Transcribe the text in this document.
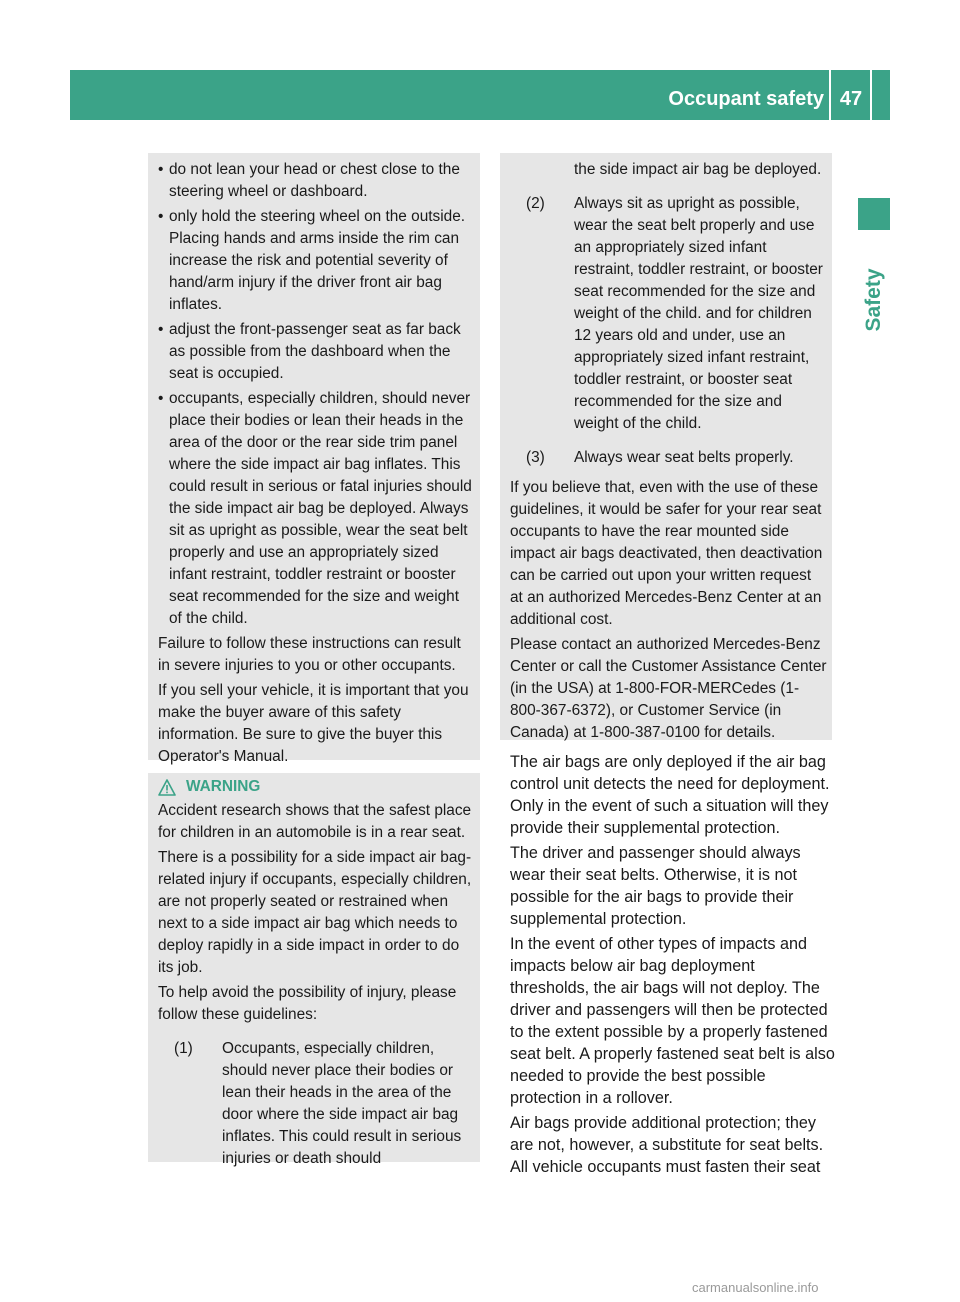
Occupant safety 47
Safety
• do not lean your head or chest close to the steering wheel or dashboard.
• only hold the steering wheel on the outside. Placing hands and arms inside the rim can increase the risk and potential severity of hand/arm injury if the driver front air bag inflates.
• adjust the front-passenger seat as far back as possible from the dashboard when the seat is occupied.
• occupants, especially children, should never place their bodies or lean their heads in the area of the door or the rear side trim panel where the side impact air bag inflates. This could result in serious or fatal injuries should the side impact air bag be deployed. Always sit as upright as possible, wear the seat belt properly and use an appropriately sized infant restraint, toddler restraint or booster seat recommended for the size and weight of the child.

Failure to follow these instructions can result in severe injuries to you or other occupants.

If you sell your vehicle, it is important that you make the buyer aware of this safety information. Be sure to give the buyer this Operator's Manual.

WARNING

Accident research shows that the safest place for children in an automobile is in a rear seat.

There is a possibility for a side impact air bag-related injury if occupants, especially children, are not properly seated or restrained when next to a side impact air bag which needs to deploy rapidly in a side impact in order to do its job.

To help avoid the possibility of injury, please follow these guidelines:

(1)	Occupants, especially children, should never place their bodies or lean their heads in the area of the door where the side impact air bag inflates. This could result in serious injuries or death should
the side impact air bag be deployed.
(2)	Always sit as upright as possible, wear the seat belt properly and use an appropriately sized infant restraint, toddler restraint, or booster seat recommended for the size and weight of the child. and for children 12 years old and under, use an appropriately sized infant restraint, toddler restraint, or booster seat recommended for the size and weight of the child.
(3)	Always wear seat belts properly.

If you believe that, even with the use of these guidelines, it would be safer for your rear seat occupants to have the rear mounted side impact air bags deactivated, then deactivation can be carried out upon your written request at an authorized Mercedes-Benz Center at an additional cost.

Please contact an authorized Mercedes-Benz Center or call the Customer Assistance Center (in the USA) at 1-800-FOR-MERCedes (1-800-367-6372), or Customer Service (in Canada) at 1-800-387-0100 for details.

The air bags are only deployed if the air bag control unit detects the need for deployment. Only in the event of such a situation will they provide their supplemental protection.

The driver and passenger should always wear their seat belts. Otherwise, it is not possible for the air bags to provide their supplemental protection.

In the event of other types of impacts and impacts below air bag deployment thresholds, the air bags will not deploy. The driver and passengers will then be protected to the extent possible by a properly fastened seat belt. A properly fastened seat belt is also needed to provide the best possible protection in a rollover.

Air bags provide additional protection; they are not, however, a substitute for seat belts. All vehicle occupants must fasten their seat

carmanualsonline.info
